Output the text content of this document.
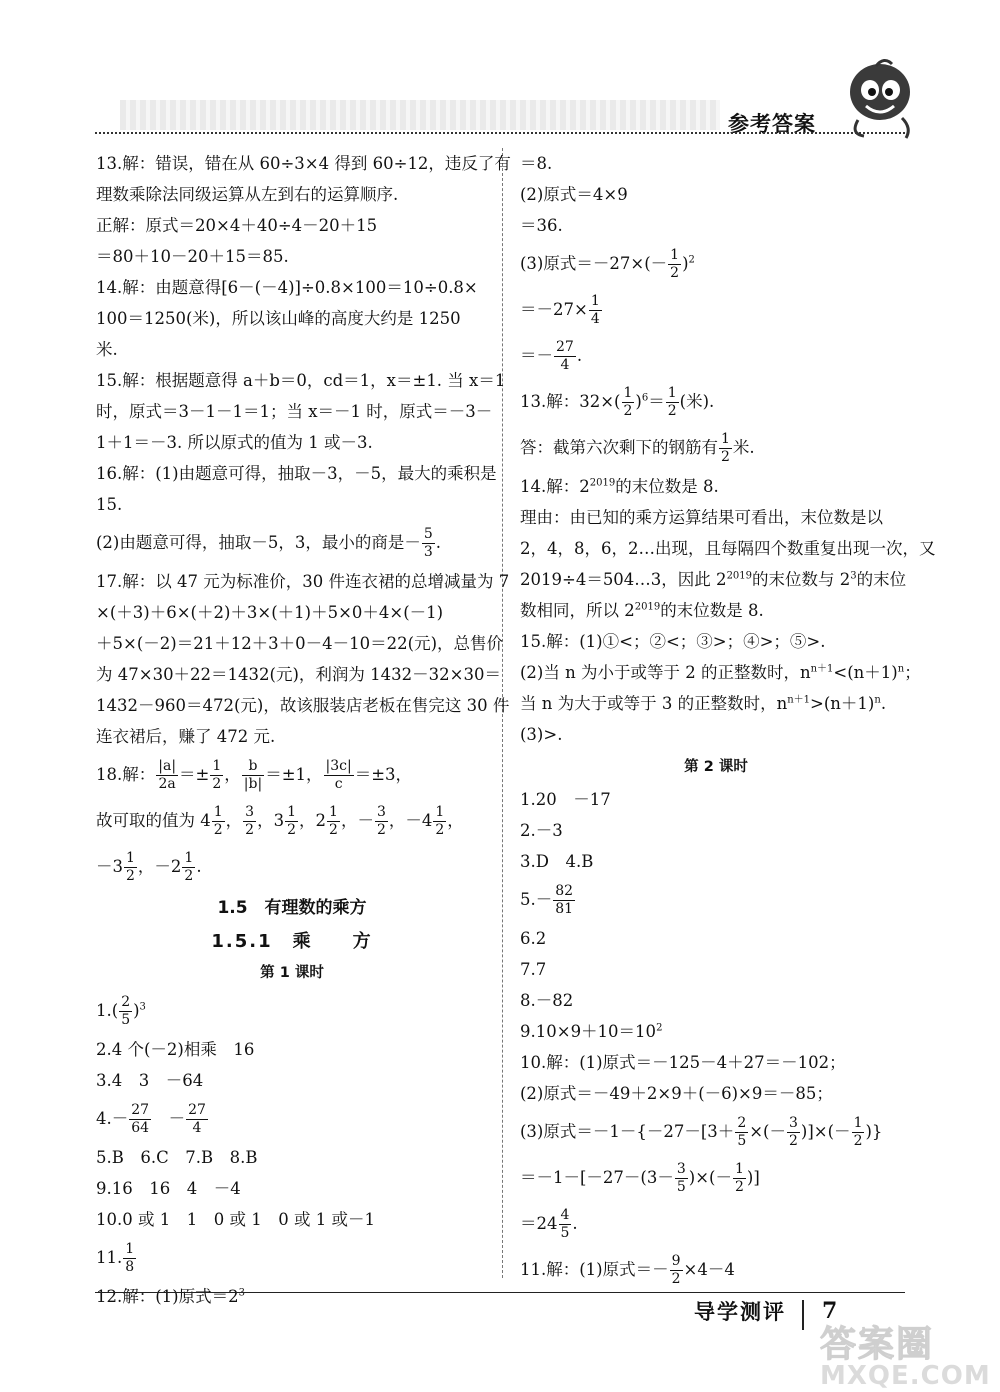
参考答案
13.解：错误，错在从 60÷3×4 得到 60÷12，违反了有
理数乘除法同级运算从左到右的运算顺序.
正解：原式＝20×4＋40÷4－20＋15
＝80＋10－20＋15＝85.
14.解：由题意得[6－(－4)]÷0.8×100＝10÷0.8×
100＝1250(米)，所以该山峰的高度大约是 1250
米.
15.解：根据题意得 a＋b＝0，cd＝1，x＝±1. 当 x＝1
时，原式＝3－1－1＝1；当 x＝－1 时，原式＝－3－
1＋1＝－3. 所以原式的值为 1 或－3.
16.解：(1)由题意可得，抽取－3，－5，最大的乘积是
15.
(2)由题意可得，抽取－5，3，最小的商是－ $\frac{5}{3}$ .
17.解：以 47 元为标准价，30 件连衣裙的总增减量为 7
×(＋3)＋6×(＋2)＋3×(＋1)＋5×0＋4×(－1)
＋5×(－2)＝21＋12＋3＋0－4－10＝22(元)，总售价
为 47×30＋22＝1432(元)，利润为 1432－32×30＝
1432－960＝472(元)，故该服装店老板在售完这 30 件
连衣裙后，赚了 472 元.
18.解： $\frac{|a|}{2a} =\pm \frac{1}{2}$ ， $\frac{b}{|b|} =\pm 1$， $\frac{|3c|}{c} =\pm 3$，
故可取的值为 $4 \frac{1}{2}$ ， $\frac{3}{2}$ ，$3 \frac{1}{2}$ ，$2 \frac{1}{2}$ ，－ $\frac{3}{2}$ ，$-4 \frac{1}{2}$ ，
$-3 \frac{1}{2}$ ，$-2 \frac{1}{2}$ .
1.5　有理数的乘方
1.5.1　乘　　方
第 1 课时
$1.( \frac{2}{5} )^3$
2.4 个(－2)相乘　16
3.4　3　－64
$4.- \frac{27}{64}$ 　－ $\frac{27}{4}$
5.B　6.C　7.B　8.B
9.16　16　4　－4
10.0 或 1　1　0 或 1　0 或 1 或－1
11. $\frac{1}{8}$
12.解：(1)原式$=2^3$
＝8.
(2)原式＝4×9
＝36.
(3)原式$=-27\times(- \frac{1}{2} )^2$
$=-27\times \frac{1}{4}$
＝－ $\frac{27}{4}$ .
13.解：$32\times( \frac{1}{2} )^6= \frac{1}{2}$ (米).
答：截第六次剩下的钢筋有 $\frac{1}{2}$ 米.
14.解：$2^{2019}$的末位数是 8.
理由：由已知的乘方运算结果可看出，末位数是以
2，4，8，6，2…出现，且每隔四个数重复出现一次，又
2019÷4＝504…3，因此 $2^{2019}$的末位数与 $2^3$的末位
数相同，所以 $2^{2019}$的末位数是 8.
15.解：(1)①<；②<；③>；④>；⑤>.
(2)当 n 为小于或等于 2 的正整数时，$n^{n+1}<(n+1)^n$；
当 n 为大于或等于 3 的正整数时，$n^{n+1}>(n+1)^n$.
(3)>.
第 2 课时
1.20　－17
2.－3
3.D　4.B
$5.- \frac{82}{81}$
6.2
7.7
8.－82
$9.10\times 9+10=10^2$
10.解：(1)原式＝－125－4＋27＝－102；
(2)原式＝－49＋2×9＋(－6)×9＝－85；
(3)原式$=-1-\{-27-[3+ \frac{2}{5}$ ×(－ $\frac{3}{2}$ )]×(－ $\frac{1}{2}$ )}
$=-1-[-27-(3- \frac{3}{5}$ )×(－ $\frac{1}{2}$ )]
$=24 \frac{4}{5}$ .
11.解：(1)原式＝－ $\frac{9}{2} \times 4-4$
导学测评 7
答案圈
MXQE.COM
